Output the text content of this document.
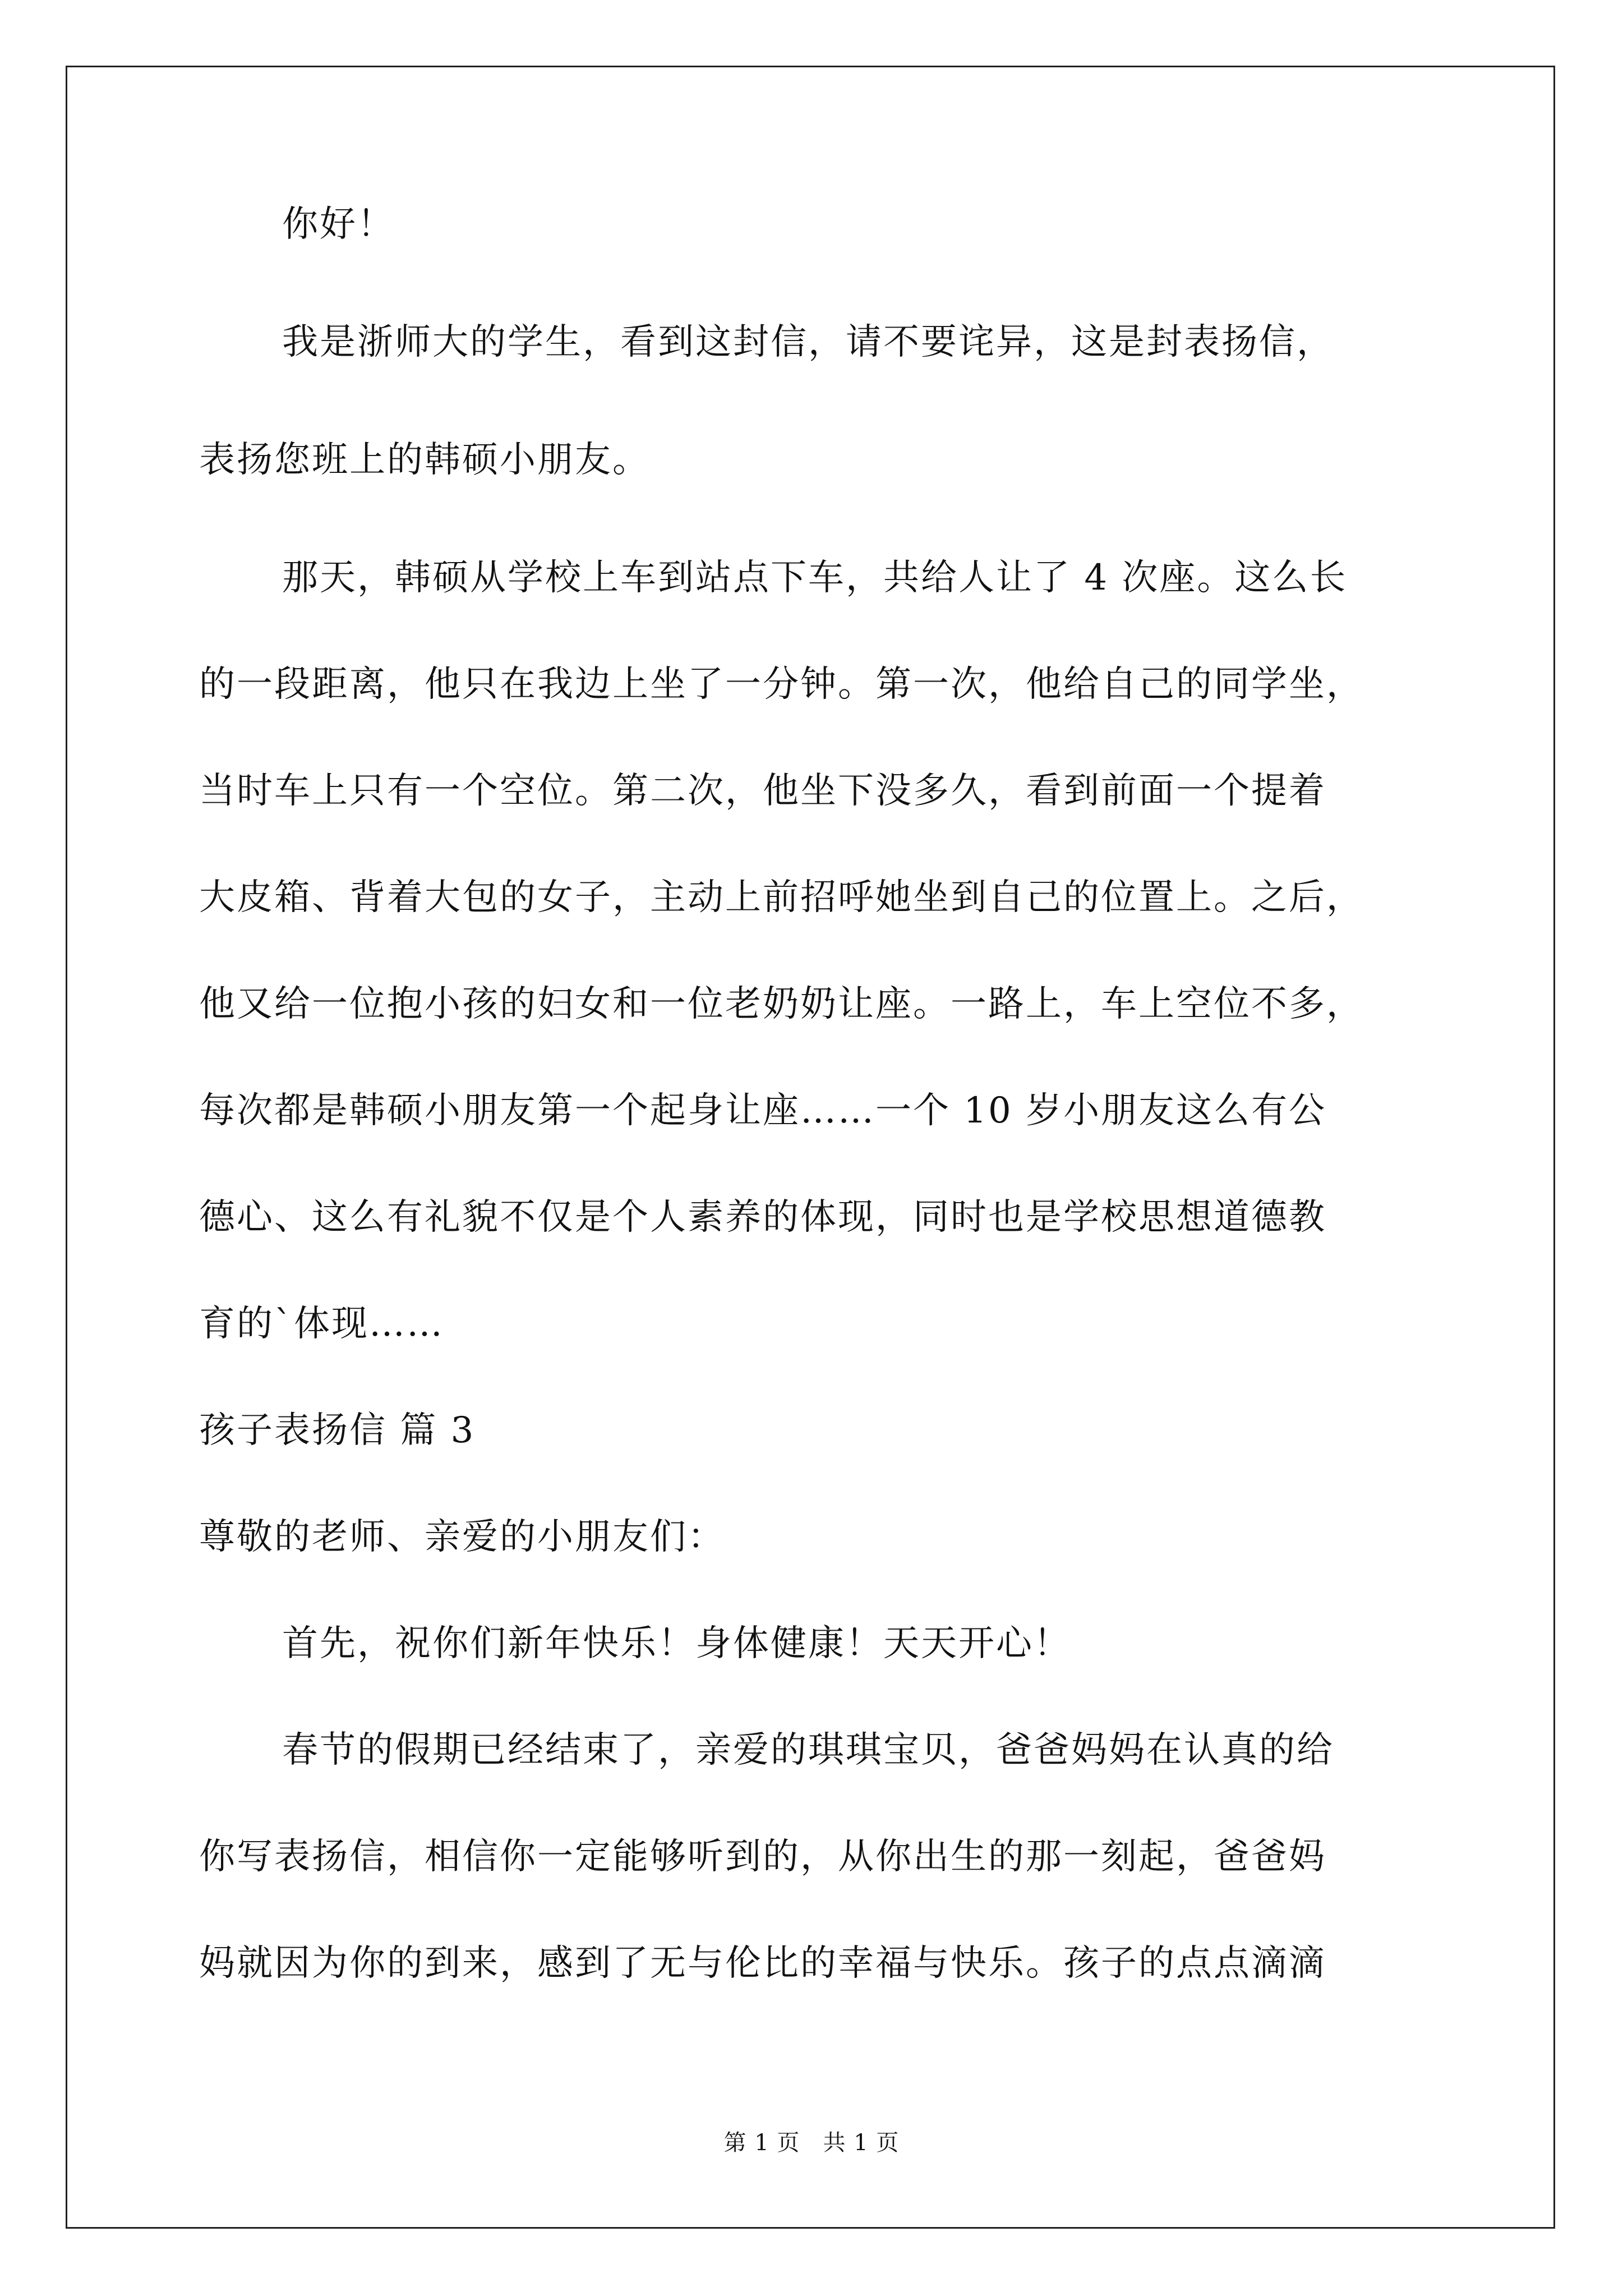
你好！
我是浙师大的学生，看到这封信，请不要诧异，这是封表扬信，
表扬您班上的韩硕小朋友。
那天，韩硕从学校上车到站点下车，共给人让了 4 次座。这么长
的一段距离，他只在我边上坐了一分钟。第一次，他给自己的同学坐，
当时车上只有一个空位。第二次，他坐下没多久，看到前面一个提着
大皮箱、背着大包的女子，主动上前招呼她坐到自己的位置上。之后，
他又给一位抱小孩的妇女和一位老奶奶让座。一路上，车上空位不多，
每次都是韩硕小朋友第一个起身让座……一个 10 岁小朋友这么有公
德心、这么有礼貌不仅是个人素养的体现，同时也是学校思想道德教
育的`体现……
孩子表扬信 篇 3
尊敬的老师、亲爱的小朋友们：
首先，祝你们新年快乐！身体健康！天天开心！
春节的假期已经结束了，亲爱的琪琪宝贝，爸爸妈妈在认真的给
你写表扬信，相信你一定能够听到的，从你出生的那一刻起，爸爸妈
妈就因为你的到来，感到了无与伦比的幸福与快乐。孩子的点点滴滴
第 1 页　共 1 页
